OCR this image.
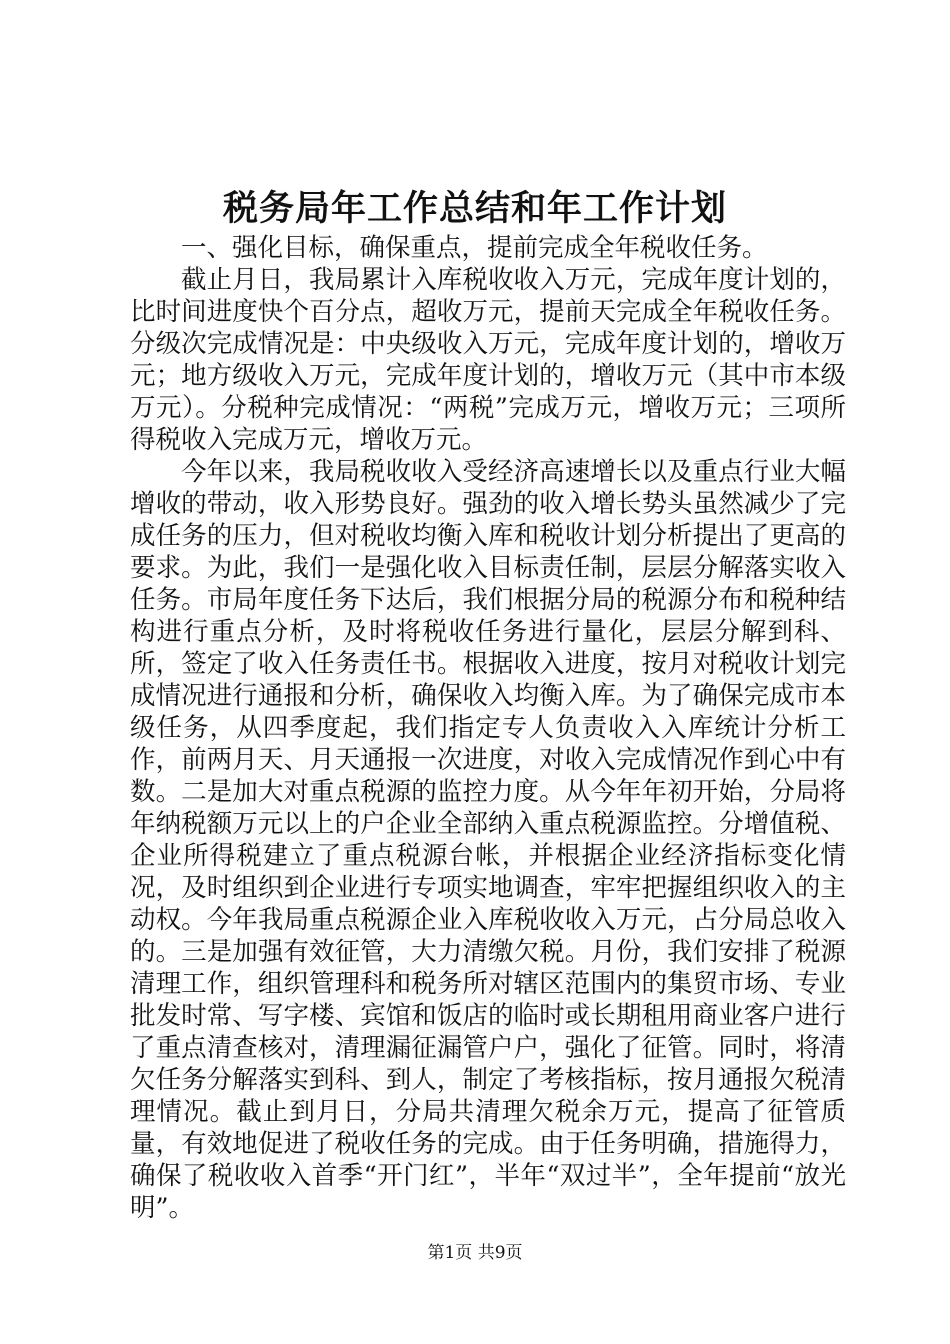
税务局年工作总结和年工作计划

一、强化目标，确保重点，提前完成全年税收任务。

截止月日，我局累计入库税收收入万元，完成年度计划的，比时间进度快个百分点，超收万元，提前天完成全年税收任务。分级次完成情况是：中央级收入万元，完成年度计划的，增收万元；地方级收入万元，完成年度计划的，增收万元（其中市本级万元）。分税种完成情况：“两税”完成万元，增收万元；三项所得税收入完成万元，增收万元。

今年以来，我局税收收入受经济高速增长以及重点行业大幅增收的带动，收入形势良好。强劲的收入增长势头虽然减少了完成任务的压力，但对税收均衡入库和税收计划分析提出了更高的要求。为此，我们一是强化收入目标责任制，层层分解落实收入任务。市局年度任务下达后，我们根据分局的税源分布和税种结构进行重点分析，及时将税收任务进行量化，层层分解到科、所，签定了收入任务责任书。根据收入进度，按月对税收计划完成情况进行通报和分析，确保收入均衡入库。为了确保完成市本级任务，从四季度起，我们指定专人负责收入入库统计分析工作，前两月天、月天通报一次进度，对收入完成情况作到心中有数。二是加大对重点税源的监控力度。从今年年初开始，分局将年纳税额万元以上的户企业全部纳入重点税源监控。分增值税、企业所得税建立了重点税源台帐，并根据企业经济指标变化情况，及时组织到企业进行专项实地调查，牢牢把握组织收入的主动权。今年我局重点税源企业入库税收收入万元，占分局总收入的。三是加强有效征管，大力清缴欠税。月份，我们安排了税源清理工作，组织管理科和税务所对辖区范围内的集贸市场、专业批发时常、写字楼、宾馆和饭店的临时或长期租用商业客户进行了重点清查核对，清理漏征漏管户户，强化了征管。同时，将清欠任务分解落实到科、到人，制定了考核指标，按月通报欠税清理情况。截止到月日，分局共清理欠税余万元，提高了征管质量，有效地促进了税收任务的完成。由于任务明确，措施得力，确保了税收收入首季“开门红”，半年“双过半”，全年提前“放光明”。

第1页 共9页
